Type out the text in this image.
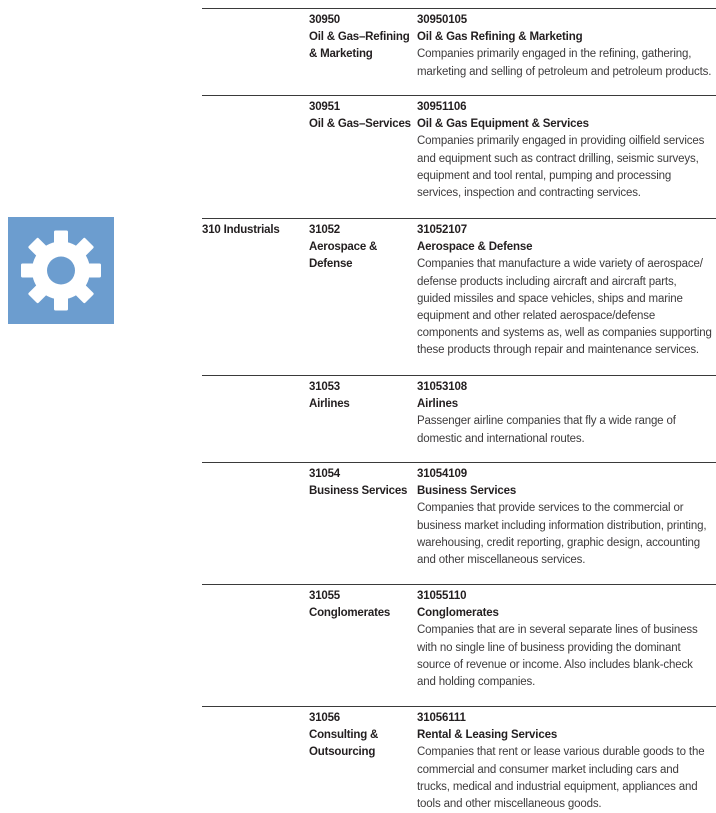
30950
Oil & Gas–Refining & Marketing
30950105
Oil & Gas Refining & Marketing
Companies primarily engaged in the refining, gathering, marketing and selling of petroleum and petroleum products.
30951
Oil & Gas–Services
30951106
Oil & Gas Equipment & Services
Companies primarily engaged in providing oilfield services and equipment such as contract drilling, seismic surveys, equipment and tool rental, pumping and processing services, inspection and contracting services.
310 Industrials	31052
Aerospace & Defense
31052107
Aerospace & Defense
Companies that manufacture a wide variety of aerospace/ defense products including aircraft and aircraft parts, guided missiles and space vehicles, ships and marine equipment and other related aerospace/defense components and systems as, well as companies supporting these products through repair and maintenance services.
31053
Airlines
31053108
Airlines
Passenger airline companies that fly a wide range of domestic and international routes.
31054
Business Services
31054109
Business Services
Companies that provide services to the commercial or business market including information distribution, printing, warehousing, credit reporting, graphic design, accounting and other miscellaneous services.
31055
Conglomerates
31055110
Conglomerates
Companies that are in several separate lines of business with no single line of business providing the dominant source of revenue or income. Also includes blank-check and holding companies.
31056
Consulting & Outsourcing
31056111
Rental & Leasing Services
Companies that rent or lease various durable goods to the commercial and consumer market including cars and trucks, medical and industrial equipment, appliances and tools and other miscellaneous goods.
